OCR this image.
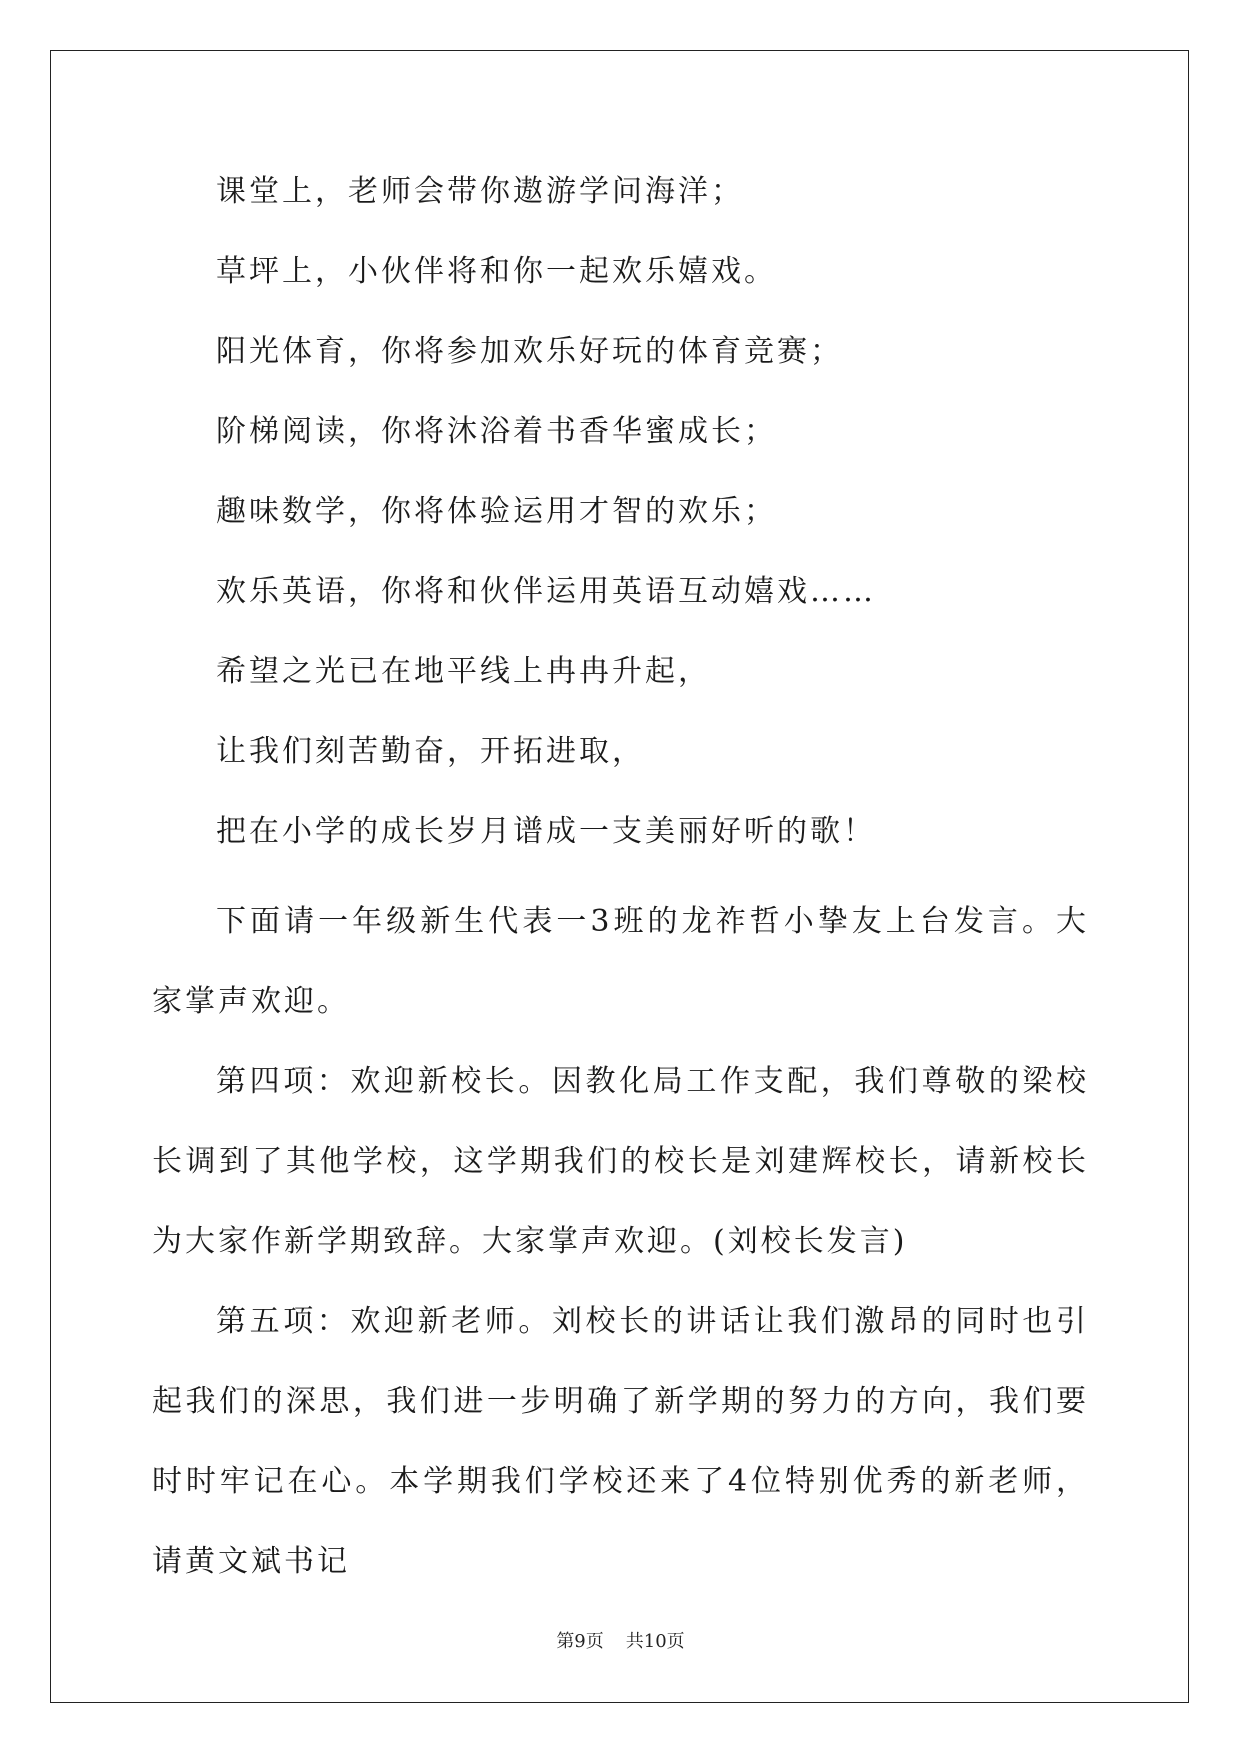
课堂上，老师会带你遨游学问海洋；

草坪上，小伙伴将和你一起欢乐嬉戏。

阳光体育，你将参加欢乐好玩的体育竞赛；

阶梯阅读，你将沐浴着书香华蜜成长；

趣味数学，你将体验运用才智的欢乐；

欢乐英语，你将和伙伴运用英语互动嬉戏……

希望之光已在地平线上冉冉升起，

让我们刻苦勤奋，开拓进取，

把在小学的成长岁月谱成一支美丽好听的歌！

下面请一年级新生代表一3班的龙祚哲小挚友上台发言。大家掌声欢迎。

第四项：欢迎新校长。因教化局工作支配，我们尊敬的梁校长调到了其他学校，这学期我们的校长是刘建辉校长，请新校长为大家作新学期致辞。大家掌声欢迎。(刘校长发言)

第五项：欢迎新老师。刘校长的讲话让我们激昂的同时也引起我们的深思，我们进一步明确了新学期的努力的方向，我们要时时牢记在心。本学期我们学校还来了4位特别优秀的新老师，请黄文斌书记

第9页 共10页
